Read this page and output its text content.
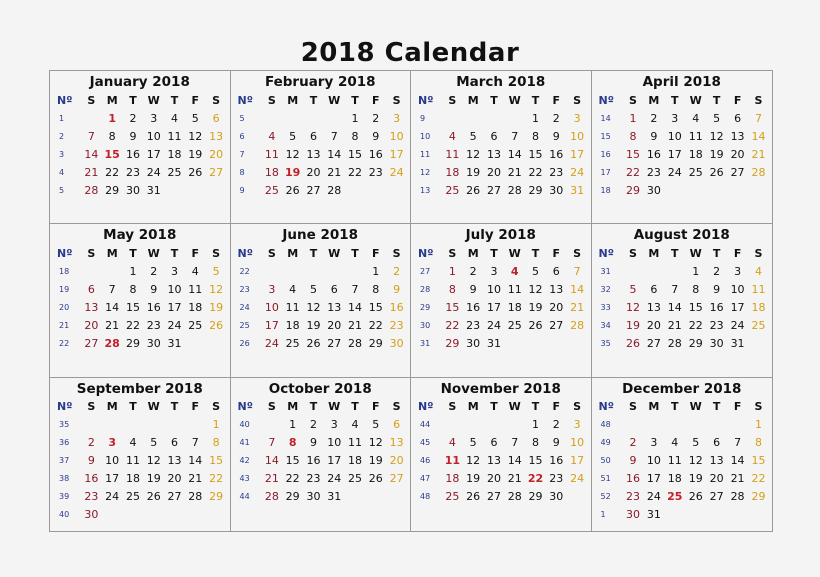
2018 Calendar
January 2018
Nº	S	M	T	W	T	F	S
1		1	2	3	4	5	6
2	7	8	9	10	11	12	13
3	14	15	16	17	18	19	20
4	21	22	23	24	25	26	27
5	28	29	30	31			
February 2018
Nº	S	M	T	W	T	F	S
5					1	2	3
6	4	5	6	7	8	9	10
7	11	12	13	14	15	16	17
8	18	19	20	21	22	23	24
9	25	26	27	28			
March 2018
Nº	S	M	T	W	T	F	S
9					1	2	3
10	4	5	6	7	8	9	10
11	11	12	13	14	15	16	17
12	18	19	20	21	22	23	24
13	25	26	27	28	29	30	31
April 2018
Nº	S	M	T	W	T	F	S
14	1	2	3	4	5	6	7
15	8	9	10	11	12	13	14
16	15	16	17	18	19	20	21
17	22	23	24	25	26	27	28
18	29	30					
May 2018
Nº	S	M	T	W	T	F	S
18			1	2	3	4	5
19	6	7	8	9	10	11	12
20	13	14	15	16	17	18	19
21	20	21	22	23	24	25	26
22	27	28	29	30	31		
June 2018
Nº	S	M	T	W	T	F	S
22						1	2
23	3	4	5	6	7	8	9
24	10	11	12	13	14	15	16
25	17	18	19	20	21	22	23
26	24	25	26	27	28	29	30
July 2018
Nº	S	M	T	W	T	F	S
27	1	2	3	4	5	6	7
28	8	9	10	11	12	13	14
29	15	16	17	18	19	20	21
30	22	23	24	25	26	27	28
31	29	30	31				
August 2018
Nº	S	M	T	W	T	F	S
31				1	2	3	4
32	5	6	7	8	9	10	11
33	12	13	14	15	16	17	18
34	19	20	21	22	23	24	25
35	26	27	28	29	30	31	
September 2018
Nº	S	M	T	W	T	F	S
35							1
36	2	3	4	5	6	7	8
37	9	10	11	12	13	14	15
38	16	17	18	19	20	21	22
39	23	24	25	26	27	28	29
40	30						
October 2018
Nº	S	M	T	W	T	F	S
40		1	2	3	4	5	6
41	7	8	9	10	11	12	13
42	14	15	16	17	18	19	20
43	21	22	23	24	25	26	27
44	28	29	30	31			
November 2018
Nº	S	M	T	W	T	F	S
44					1	2	3
45	4	5	6	7	8	9	10
46	11	12	13	14	15	16	17
47	18	19	20	21	22	23	24
48	25	26	27	28	29	30	
December 2018
Nº	S	M	T	W	T	F	S
48							1
49	2	3	4	5	6	7	8
50	9	10	11	12	13	14	15
51	16	17	18	19	20	21	22
52	23	24	25	26	27	28	29
1	30	31					
